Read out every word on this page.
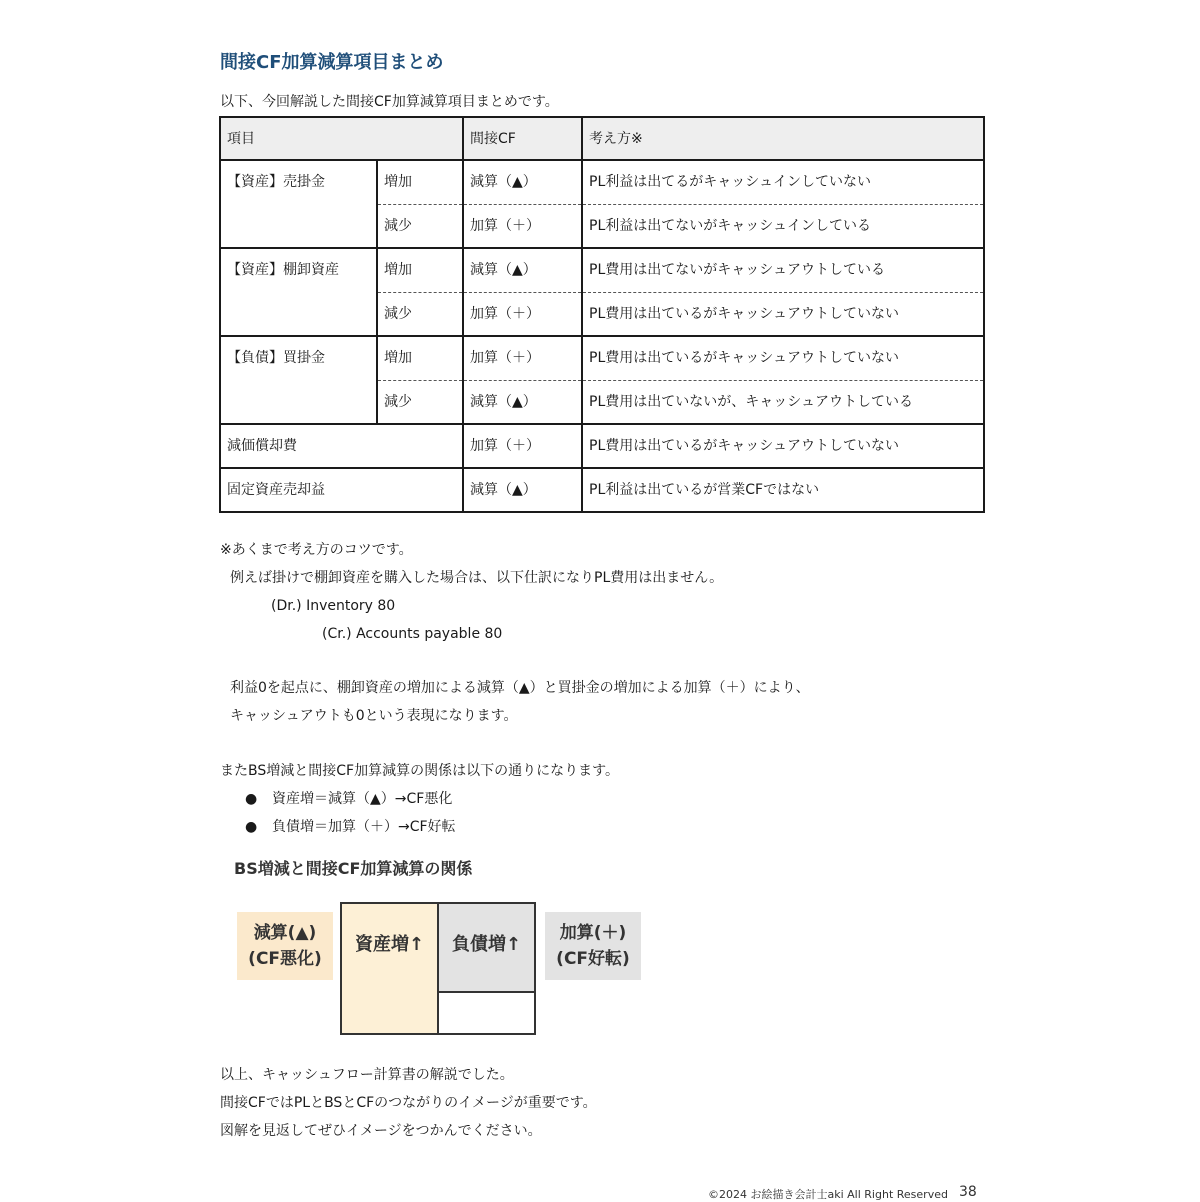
間接CF加算減算項目まとめ
以下、今回解説した間接CF加算減算項目まとめです。
項目		間接CF	考え方※
【資産】売掛金	増加	減算（▲）	PL利益は出てるがキャッシュインしていない
	減少	加算（＋）	PL利益は出てないがキャッシュインしている
【資産】棚卸資産	増加	減算（▲）	PL費用は出てないがキャッシュアウトしている
	減少	加算（＋）	PL費用は出ているがキャッシュアウトしていない
【負債】買掛金	増加	加算（＋）	PL費用は出ているがキャッシュアウトしていない
	減少	減算（▲）	PL費用は出ていないが、キャッシュアウトしている
減価償却費		加算（＋）	PL費用は出ているがキャッシュアウトしていない
固定資産売却益		減算（▲）	PL利益は出ているが営業CFではない
※あくまで考え方のコツです。
例えば掛けで棚卸資産を購入した場合は、以下仕訳になりPL費用は出ません。
(Dr.) Inventory 80
(Cr.) Accounts payable 80
利益0を起点に、棚卸資産の増加による減算（▲）と買掛金の増加による加算（＋）により、
キャッシュアウトも0という表現になります。
またBS増減と間接CF加算減算の関係は以下の通りになります。
● 資産増＝減算（▲）→CF悪化
● 負債増＝加算（＋）→CF好転
BS増減と間接CF加算減算の関係
減算(▲)
(CF悪化)
資産増↑	負債増↑
加算(＋)
(CF好転)
以上、キャッシュフロー計算書の解説でした。
間接CFではPLとBSとCFのつながりのイメージが重要です。
図解を見返してぜひイメージをつかんでください。
©2024 お絵描き会計士aki All Right Reserved 38
